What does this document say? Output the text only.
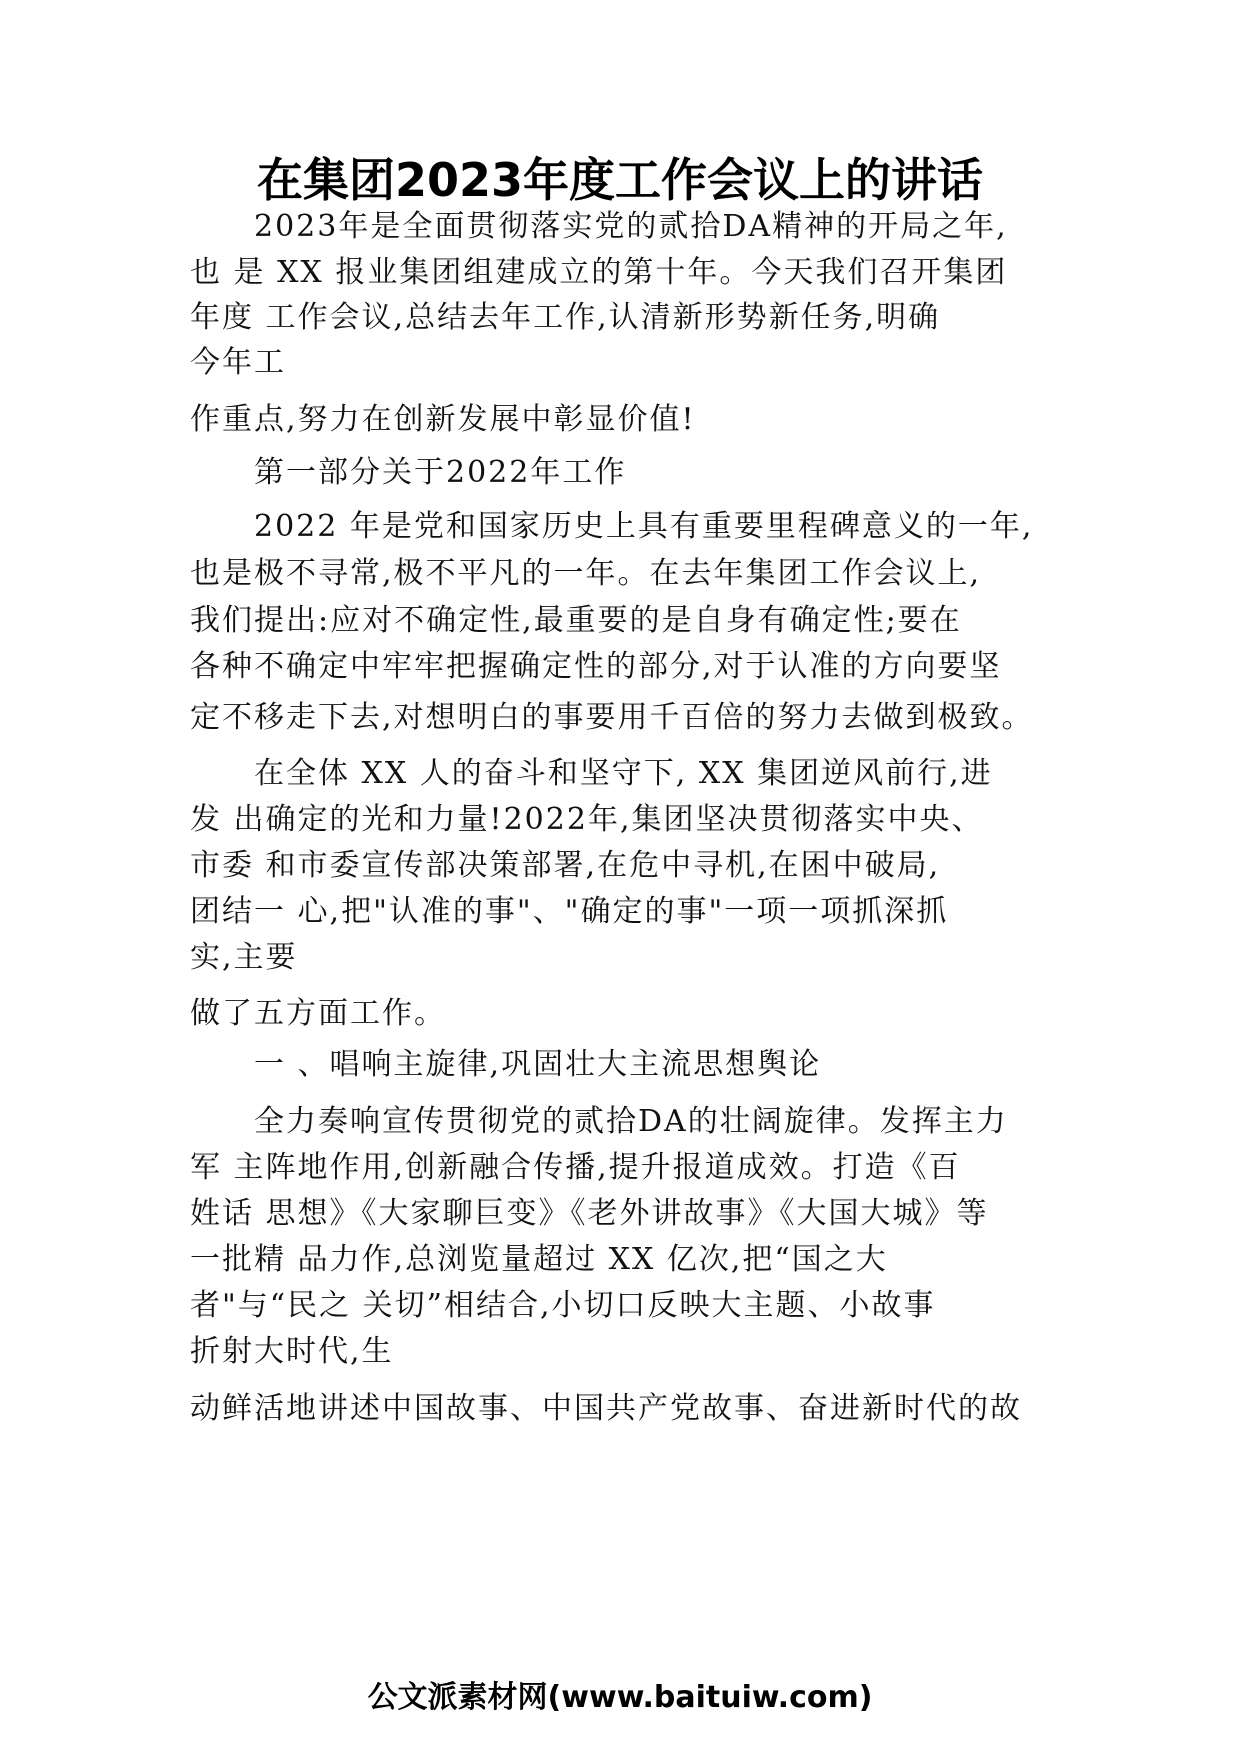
在集团2023年度工作会议上的讲话
2023年是全面贯彻落实党的贰拾DA精神的开局之年,
也 是 XX 报业集团组建成立的第十年。今天我们召开集团
年度 工作会议,总结去年工作,认清新形势新任务,明确
今年工
作重点,努力在创新发展中彰显价值!
第一部分关于2022年工作
2022 年是党和国家历史上具有重要里程碑意义的一年,
也是极不寻常,极不平凡的一年。在去年集团工作会议上,
我们提出:应对不确定性,最重要的是自身有确定性;要在
各种不确定中牢牢把握确定性的部分,对于认准的方向要坚
定不移走下去,对想明白的事要用千百倍的努力去做到极致。
在全体 XX 人的奋斗和坚守下, XX 集团逆风前行,进
发 出确定的光和力量!2022年,集团坚决贯彻落实中央、
市委 和市委宣传部决策部署,在危中寻机,在困中破局,
团结一 心,把"认准的事"、"确定的事"一项一项抓深抓
实,主要
做了五方面工作。
一 、唱响主旋律,巩固壮大主流思想舆论
全力奏响宣传贯彻党的贰拾DA的壮阔旋律。发挥主力
军 主阵地作用,创新融合传播,提升报道成效。打造《百
姓话 思想》《大家聊巨变》《老外讲故事》《大国大城》等
一批精 品力作,总浏览量超过 XX 亿次,把“国之大
者"与“民之 关切”相结合,小切口反映大主题、小故事
折射大时代,生
动鲜活地讲述中国故事、中国共产党故事、奋进新时代的故
公文派素材网(www.baituiw.com)
